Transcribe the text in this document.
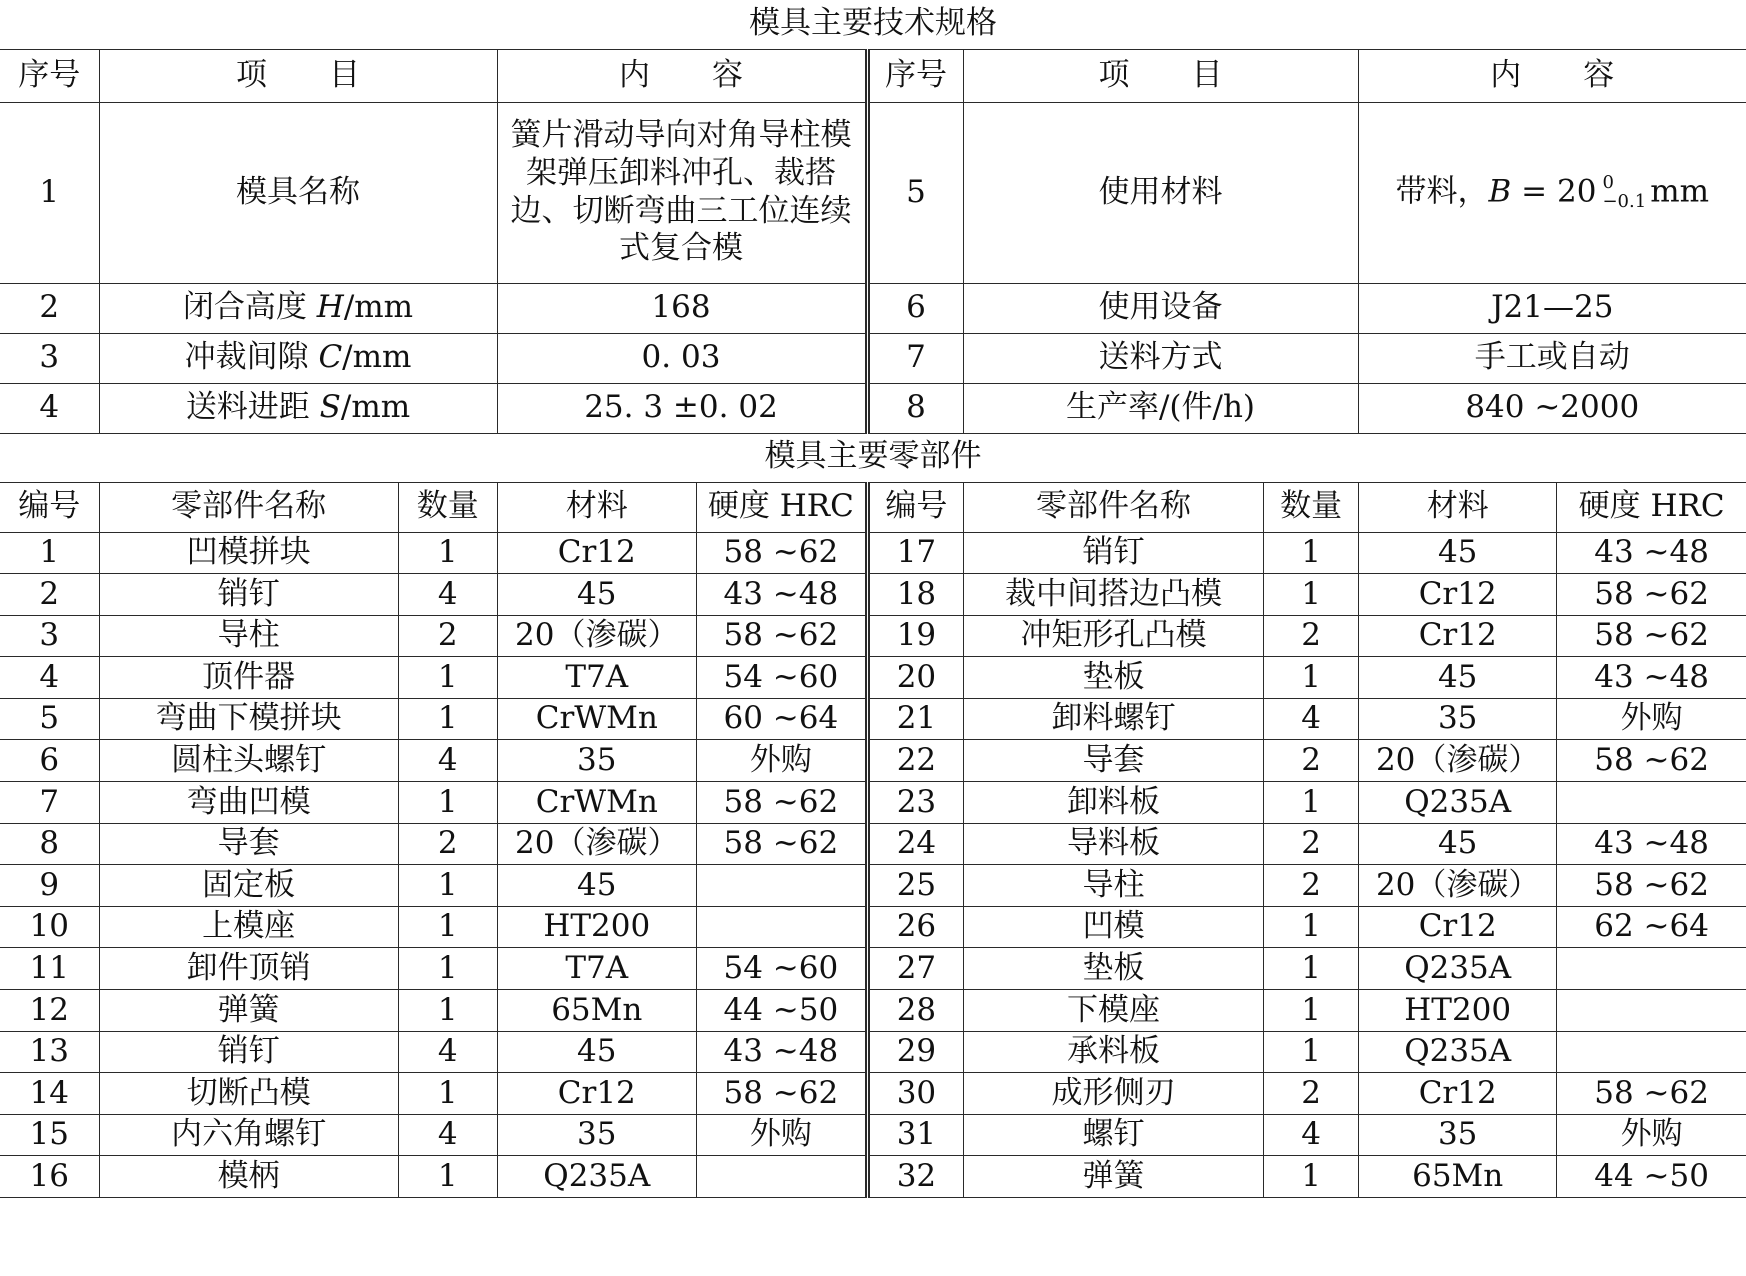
模具主要技术规格					
序号	项　　目	内　　容	序号	项　　目	内　　容
1	模具名称	簧片滑动导向对角导柱模架弹压卸料冲孔、裁搭边、切断弯曲三工位连续式复合模	5	使用材料	带料，B = 20 0
−0.1 mm
2	闭合高度 H/mm	168	6	使用设备	J21—25
3	冲裁间隙 C/mm	0. 03	7	送料方式	手工或自动
4	送料进距 S/mm	25. 3 ±0. 02	8	生产率/(件/h)	840 ~2000
模具主要零部件									
编号	零部件名称	数量	材料	硬度 HRC	编号	零部件名称	数量	材料	硬度 HRC
1	凹模拼块	1	Cr12	58 ~62	17	销钉	1	45	43 ~48
2	销钉	4	45	43 ~48	18	裁中间搭边凸模	1	Cr12	58 ~62
3	导柱	2	20（渗碳）	58 ~62	19	冲矩形孔凸模	2	Cr12	58 ~62
4	顶件器	1	T7A	54 ~60	20	垫板	1	45	43 ~48
5	弯曲下模拼块	1	CrWMn	60 ~64	21	卸料螺钉	4	35	外购
6	圆柱头螺钉	4	35	外购	22	导套	2	20（渗碳）	58 ~62
7	弯曲凹模	1	CrWMn	58 ~62	23	卸料板	1	Q235A	
8	导套	2	20（渗碳）	58 ~62	24	导料板	2	45	43 ~48
9	固定板	1	45		25	导柱	2	20（渗碳）	58 ~62
10	上模座	1	HT200		26	凹模	1	Cr12	62 ~64
11	卸件顶销	1	T7A	54 ~60	27	垫板	1	Q235A	
12	弹簧	1	65Mn	44 ~50	28	下模座	1	HT200	
13	销钉	4	45	43 ~48	29	承料板	1	Q235A	
14	切断凸模	1	Cr12	58 ~62	30	成形侧刃	2	Cr12	58 ~62
15	内六角螺钉	4	35	外购	31	螺钉	4	35	外购
16	模柄	1	Q235A		32	弹簧	1	65Mn	44 ~50
